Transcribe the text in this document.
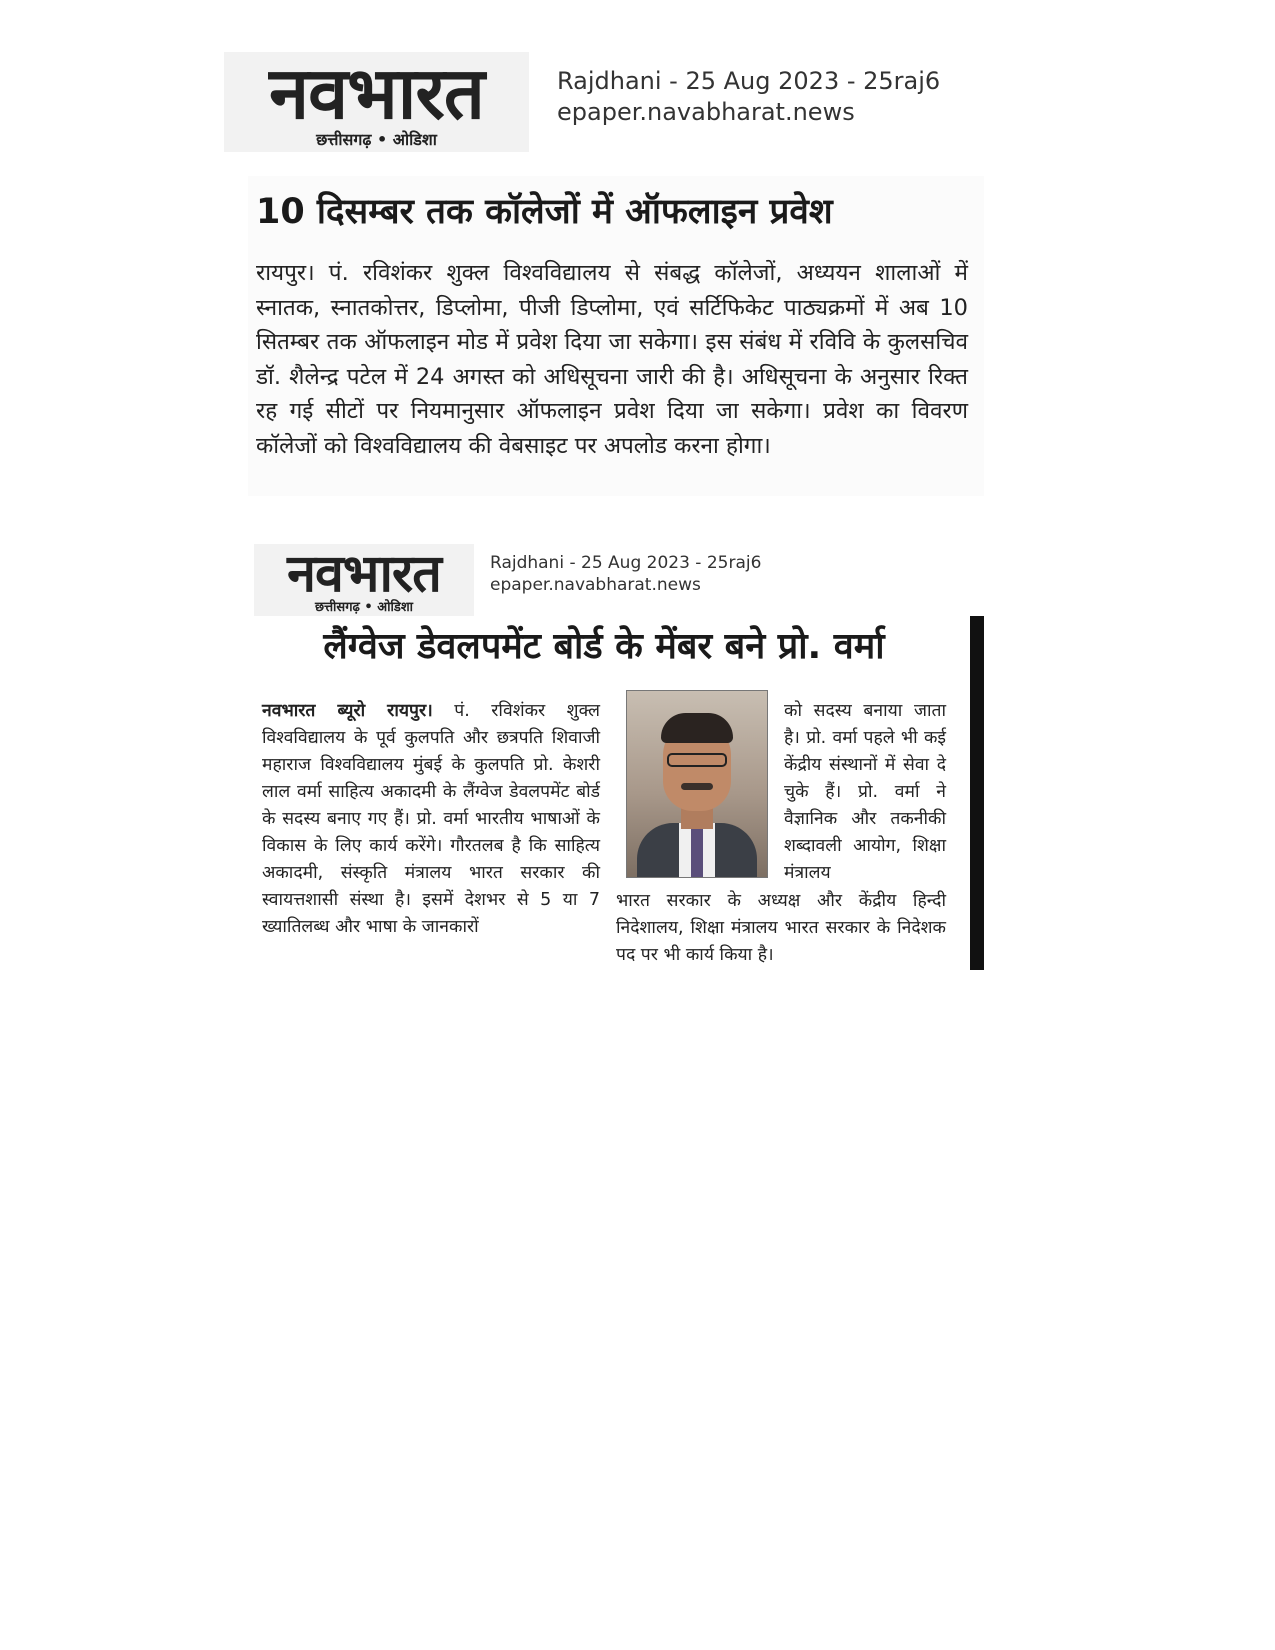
नवभारत
छत्तीसगढ़ • ओडिशा
Rajdhani - 25 Aug 2023 - 25raj6
epaper.navabharat.news
10 दिसम्बर तक कॉलेजों में ऑफलाइन प्रवेश
रायपुर। पं. रविशंकर शुक्ल विश्वविद्यालय से संबद्ध कॉलेजों, अध्ययन शालाओं में स्नातक, स्नातकोत्तर, डिप्लोमा, पीजी डिप्लोमा, एवं सर्टिफिकेट पाठ्यक्रमों में अब 10 सितम्बर तक ऑफलाइन मोड में प्रवेश दिया जा सकेगा। इस संबंध में रविवि के कुलसचिव डॉ. शैलेन्द्र पटेल में 24 अगस्त को अधिसूचना जारी की है। अधिसूचना के अनुसार रिक्त रह गई सीटों पर नियमानुसार ऑफलाइन प्रवेश दिया जा सकेगा। प्रवेश का विवरण कॉलेजों को विश्वविद्यालय की वेबसाइट पर अपलोड करना होगा।
नवभारत
छत्तीसगढ़ • ओडिशा
Rajdhani - 25 Aug 2023 - 25raj6
epaper.navabharat.news
लैंग्वेज डेवलपमेंट बोर्ड के मेंबर बने प्रो. वर्मा
नवभारत ब्यूरो रायपुर। पं. रविशंकर शुक्ल विश्वविद्यालय के पूर्व कुलपति और छत्रपति शिवाजी महाराज विश्वविद्यालय मुंबई के कुलपति प्रो. केशरी लाल वर्मा साहित्य अकादमी के लैंग्वेज डेवलपमेंट बोर्ड के सदस्य बनाए गए हैं। प्रो. वर्मा भारतीय भाषाओं के विकास के लिए कार्य करेंगे। गौरतलब है कि साहित्य अकादमी, संस्कृति मंत्रालय भारत सरकार की स्वायत्तशासी संस्था है। इसमें देशभर से 5 या 7 ख्यातिलब्ध और भाषा के जानकारों
को सदस्य बनाया जाता है। प्रो. वर्मा पहले भी कई केंद्रीय संस्थानों में सेवा दे चुके हैं। प्रो. वर्मा ने वैज्ञानिक और तकनीकी शब्दावली आयोग, शिक्षा मंत्रालय
भारत सरकार के अध्यक्ष और केंद्रीय हिन्दी निदेशालय, शिक्षा मंत्रालय भारत सरकार के निदेशक पद पर भी कार्य किया है।
